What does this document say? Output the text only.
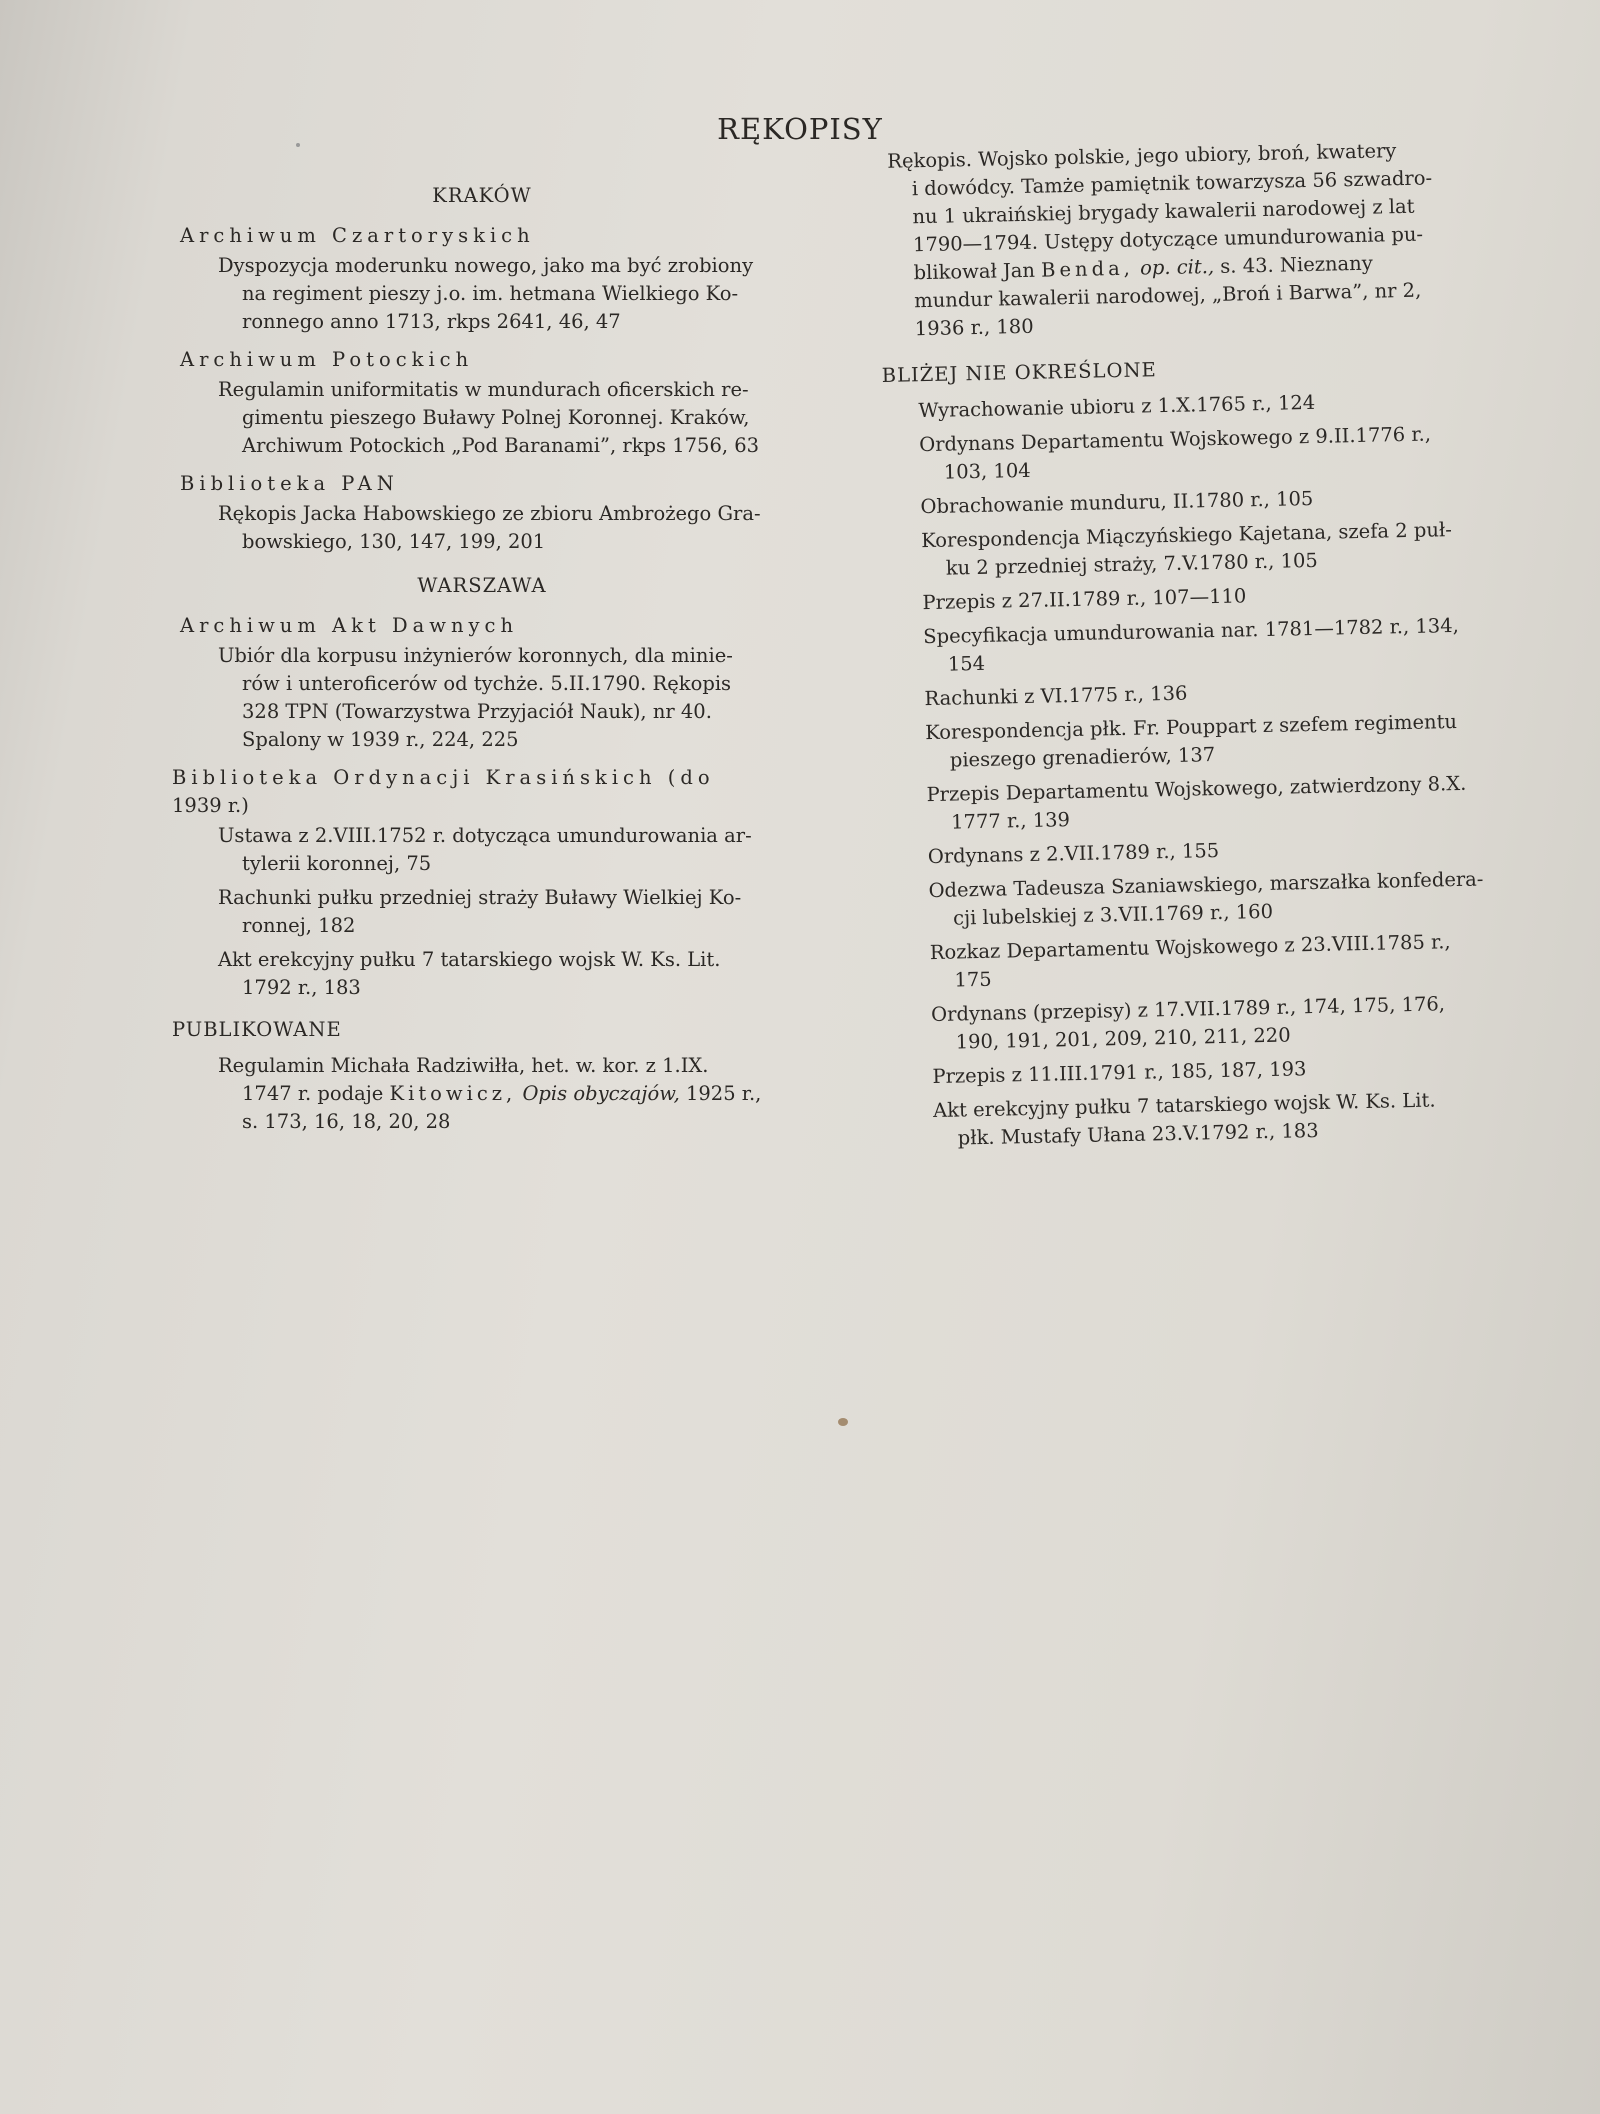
RĘKOPISY
KRAKÓW
Archiwum Czartoryskich
Dyspozycja moderunku nowego, jako ma być zrobiony
na regiment pieszy j.o. im. hetmana Wielkiego Ko-
ronnego anno 1713, rkps 2641, 46, 47
Archiwum Potockich
Regulamin uniformitatis w mundurach oficerskich re-
gimentu pieszego Buławy Polnej Koronnej. Kraków,
Archiwum Potockich „Pod Baranami”, rkps 1756, 63
Biblioteka PAN
Rękopis Jacka Habowskiego ze zbioru Ambrożego Gra-
bowskiego, 130, 147, 199, 201
WARSZAWA
Archiwum Akt Dawnych
Ubiór dla korpusu inżynierów koronnych, dla minie-
rów i unteroficerów od tychże. 5.II.1790. Rękopis
328 TPN (Towarzystwa Przyjaciół Nauk), nr 40.
Spalony w 1939 r., 224, 225
Biblioteka Ordynacji Krasińskich (do
1939 r.)
Ustawa z 2.VIII.1752 r. dotycząca umundurowania ar-
tylerii koronnej, 75
Rachunki pułku przedniej straży Buławy Wielkiej Ko-
ronnej, 182
Akt erekcyjny pułku 7 tatarskiego wojsk W. Ks. Lit.
1792 r., 183
PUBLIKOWANE
Regulamin Michała Radziwiłła, het. w. kor. z 1.IX.
1747 r. podaje Kitowicz, Opis obyczajów, 1925 r.,
s. 173, 16, 18, 20, 28
Rękopis. Wojsko polskie, jego ubiory, broń, kwatery
i dowódcy. Tamże pamiętnik towarzysza 56 szwadro-
nu 1 ukraińskiej brygady kawalerii narodowej z lat
1790—1794. Ustępy dotyczące umundurowania pu-
blikował Jan Benda, op. cit., s. 43. Nieznany
mundur kawalerii narodowej, „Broń i Barwa”, nr 2,
1936 r., 180
BLIŻEJ NIE OKREŚLONE
Wyrachowanie ubioru z 1.X.1765 r., 124
Ordynans Departamentu Wojskowego z 9.II.1776 r.,
103, 104
Obrachowanie munduru, II.1780 r., 105
Korespondencja Miączyńskiego Kajetana, szefa 2 puł-
ku 2 przedniej straży, 7.V.1780 r., 105
Przepis z 27.II.1789 r., 107—110
Specyfikacja umundurowania nar. 1781—1782 r., 134,
154
Rachunki z VI.1775 r., 136
Korespondencja płk. Fr. Pouppart z szefem regimentu
pieszego grenadierów, 137
Przepis Departamentu Wojskowego, zatwierdzony 8.X.
1777 r., 139
Ordynans z 2.VII.1789 r., 155
Odezwa Tadeusza Szaniawskiego, marszałka konfedera-
cji lubelskiej z 3.VII.1769 r., 160
Rozkaz Departamentu Wojskowego z 23.VIII.1785 r.,
175
Ordynans (przepisy) z 17.VII.1789 r., 174, 175, 176,
190, 191, 201, 209, 210, 211, 220
Przepis z 11.III.1791 r., 185, 187, 193
Akt erekcyjny pułku 7 tatarskiego wojsk W. Ks. Lit.
płk. Mustafy Ułana 23.V.1792 r., 183
